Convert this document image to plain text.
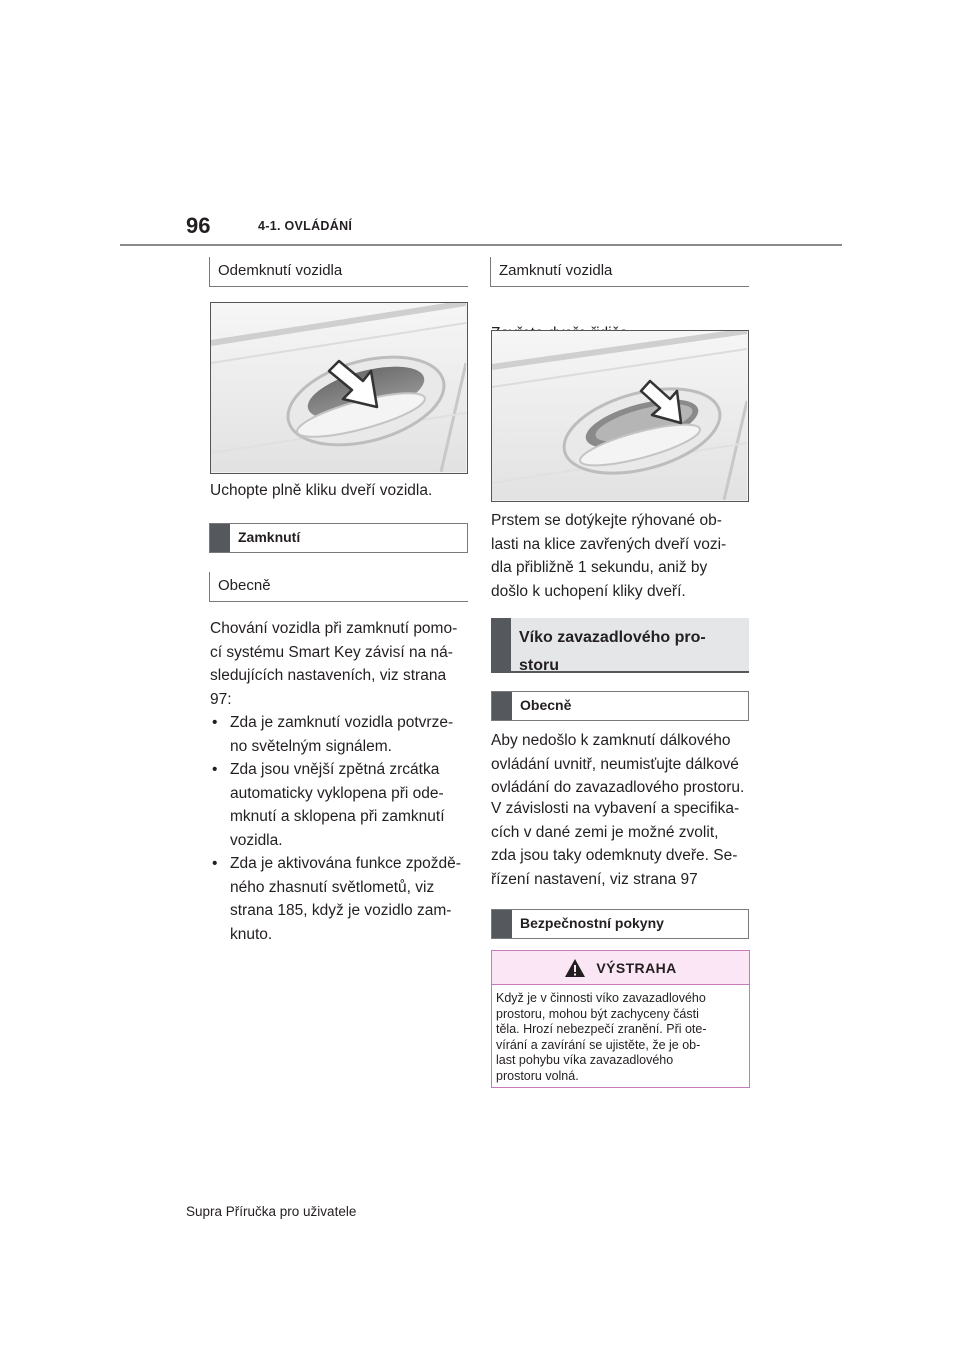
96	4-1. OVLÁDÁNÍ
Odemknutí vozidla
Uchopte plně kliku dveří vozidla.
Zamknutí
Obecně
Chování vozidla při zamknutí pomo-
cí systému Smart Key závisí na ná-
sledujících nastaveních, viz strana
97:
• Zda je zamknutí vozidla potvrze-
no světelným signálem.
• Zda jsou vnější zpětná zrcátka
automaticky vyklopena při ode-
mknutí a sklopena při zamknutí
vozidla.
• Zda je aktivována funkce zpoždě-
ného zhasnutí světlometů, viz
strana 185, když je vozidlo zam-
knuto.
Zamknutí vozidla
Prstem se dotýkejte rýhované ob-
lasti na klice zavřených dveří vozi-
dla přibližně 1 sekundu, aniž by
došlo k uchopení kliky dveří.
Víko zavazadlového pro-
storu
Obecně
Aby nedošlo k zamknutí dálkového
ovládání uvnitř, neumisťujte dálkové
ovládání do zavazadlového prostoru.
V závislosti na vybavení a specifika-
cích v dané zemi je možné zvolit,
zda jsou taky odemknuty dveře. Se-
řízení nastavení, viz strana 97
Bezpečnostní pokyny
VÝSTRAHA
Když je v činnosti víko zavazadlového
prostoru, mohou být zachyceny části
těla. Hrozí nebezpečí zranění. Při ote-
vírání a zavírání se ujistěte, že je ob-
last pohybu víka zavazadlového
prostoru volná.
Supra Příručka pro uživatele
